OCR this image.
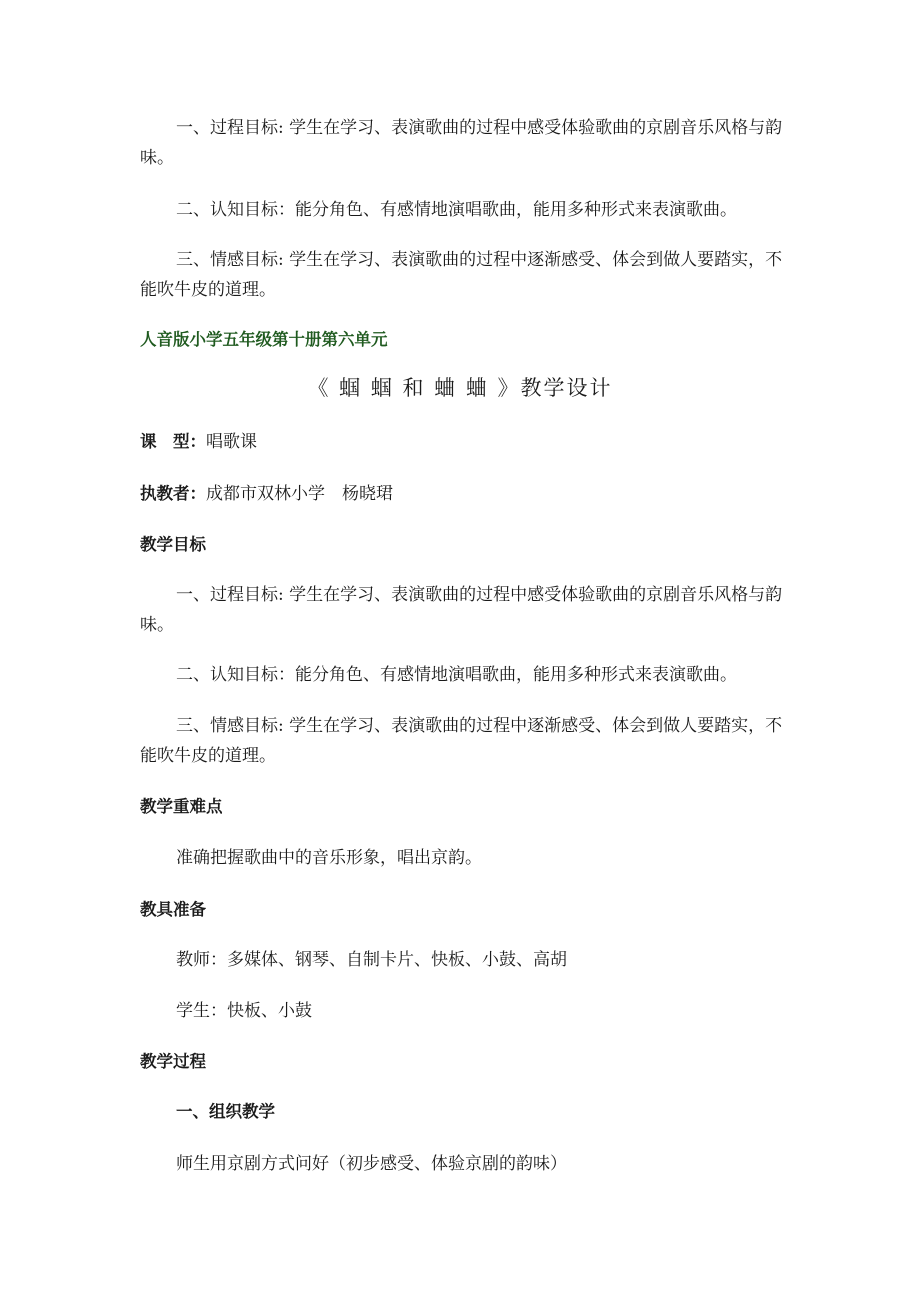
一、过程目标: 学生在学习、表演歌曲的过程中感受体验歌曲的京剧音乐风格与韵味。

二、认知目标：能分角色、有感情地演唱歌曲，能用多种形式来表演歌曲。

三、情感目标: 学生在学习、表演歌曲的过程中逐渐感受、体会到做人要踏实，不能吹牛皮的道理。

人音版小学五年级第十册第六单元

《 蝈 蝈 和 蛐 蛐 》教学设计

课　型：唱歌课

执教者：成都市双林小学　杨晓珺

教学目标

一、过程目标: 学生在学习、表演歌曲的过程中感受体验歌曲的京剧音乐风格与韵味。

二、认知目标：能分角色、有感情地演唱歌曲，能用多种形式来表演歌曲。

三、情感目标: 学生在学习、表演歌曲的过程中逐渐感受、体会到做人要踏实，不能吹牛皮的道理。

教学重难点

准确把握歌曲中的音乐形象，唱出京韵。

教具准备

教师：多媒体、钢琴、自制卡片、快板、小鼓、高胡

学生：快板、小鼓

教学过程

一、组织教学

师生用京剧方式问好（初步感受、体验京剧的韵味）
